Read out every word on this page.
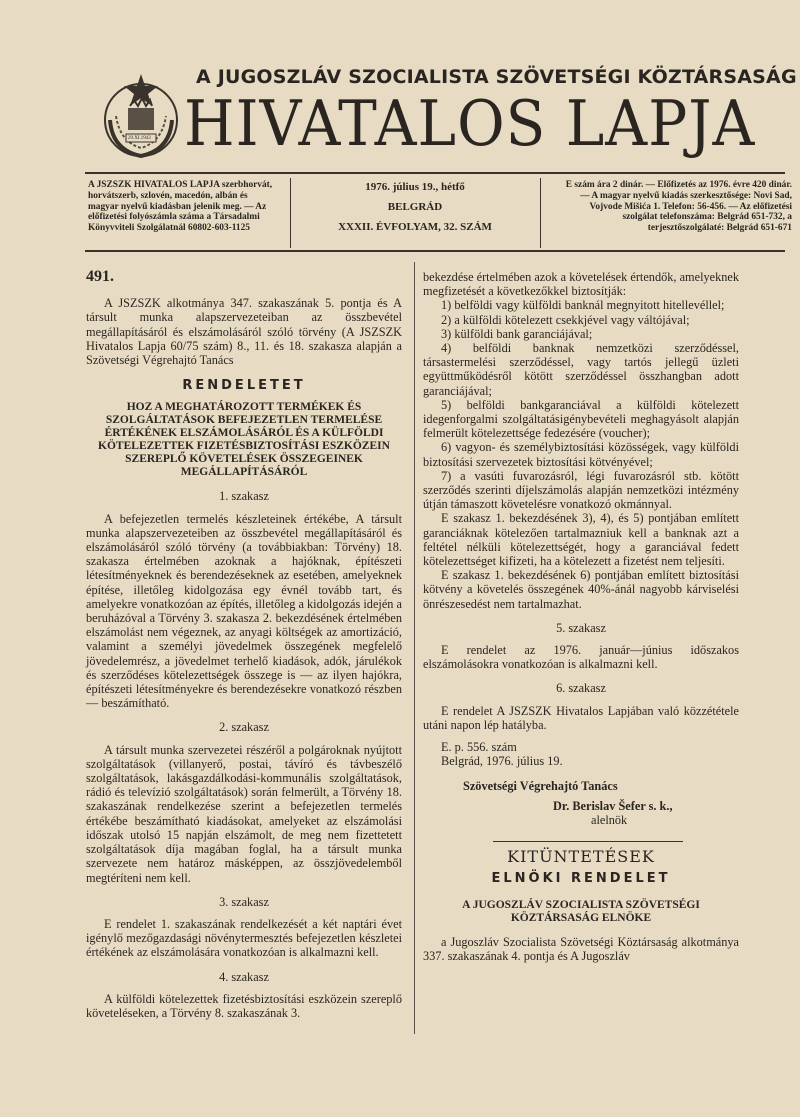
29.XI.1943
A JUGOSZLÁV SZOCIALISTA SZÖVETSÉGI KÖZTÁRSASÁG
HIVATALOS LAPJA
A JSZSZK HIVATALOS LAPJA szerbhorvát, horvátszerb, szlovén, macedón, albán és magyar nyelvű kiadásban jelenik meg. — Az előfizetési folyószámla száma a Társadalmi Könyvviteli Szolgálatnál 60802-603-1125
1976. július 19., hétfő
BELGRÁD
XXXII. ÉVFOLYAM, 32. SZÁM
E szám ára 2 dinár. — Előfizetés az 1976. évre 420 dinár. — A magyar nyelvű kiadás szerkesztősége: Novi Sad, Vojvode Mišića 1. Telefon: 56-456. — Az előfizetési szolgálat telefonszáma: Belgrád 651-732, a terjesztőszolgálaté: Belgrád 651-671

491.

A JSZSZK alkotmánya 347. szakaszának 5. pontja és A társult munka alapszervezeteiban az összbevétel megállapításáról és elszámolásáról szóló törvény (A JSZSZK Hivatalos Lapja 60/75 szám) 8., 11. és 18. szakasza alapján a Szövetségi Végrehajtó Tanács

RENDELETET

HOZ A MEGHATÁROZOTT TERMÉKEK ÉS SZOLGÁLTATÁSOK BEFEJEZETLEN TERMELÉSE ÉRTÉKÉNEK ELSZÁMOLÁSÁRÓL ÉS A KÜLFÖLDI KÖTELEZETTEK FIZETÉSBIZTOSÍTÁSI ESZKÖZEIN SZEREPLŐ KÖVETELÉSEK ÖSSZEGEINEK MEGÁLLAPÍTÁSÁRÓL

1. szakasz

A befejezetlen termelés készleteinek értékébe, A társult munka alapszervezeteiben az összbevétel megállapításáról és elszámolásáról szóló törvény (a továbbiakban: Törvény) 18. szakasza értelmében azoknak a hajóknak, építészeti létesítményeknek és berendezéseknek az esetében, amelyeknek építése, illetőleg kidolgozása egy évnél tovább tart, és amelyekre vonatkozóan az építés, illetőleg a kidolgozás idején a beruházóval a Törvény 3. szakasza 2. bekezdésének értelmében elszámolást nem végeznek, az anyagi költségek az amortizáció, valamint a személyi jövedelmek összegének megfelelő jövedelemrész, a jövedelmet terhelő kiadások, adók, járulékok és szerződéses kötelezettségek összege is — az ilyen hajókra, építészeti létesítményekre és berendezésekre vonatkozó részben — beszámítható.

2. szakasz

A társult munka szervezetei részéről a polgároknak nyújtott szolgáltatások (villanyerő, postai, távíró és távbeszélő szolgáltatások, lakásgazdálkodási-kommunális szolgáltatások, rádió és televízió szolgáltatások) során felmerült, a Törvény 18. szakaszának rendelkezése szerint a befejezetlen termelés értékébe beszámítható kiadásokat, amelyeket az elszámolási időszak utolsó 15 napján elszámolt, de meg nem fizettetett szolgáltatások díja magában foglal, ha a társult munka szervezete nem határoz másképpen, az összjövedelemből megtéríteni nem kell.

3. szakasz

E rendelet 1. szakaszának rendelkezését a két naptári évet igénylő mezőgazdasági növénytermesztés befejezetlen készletei értékének az elszámolására vonatkozóan is alkalmazni kell.

4. szakasz

A külföldi kötelezettek fizetésbiztosítási eszközein szereplő követeléseken, a Törvény 8. szakaszának 3.

bekezdése értelmében azok a követelések értendők, amelyeknek megfizetését a következőkkel biztosítják:

1) belföldi vagy külföldi banknál megnyitott hitellevéllel;

2) a külföldi kötelezett csekkjével vagy váltójával;

3) külföldi bank garanciájával;

4) belföldi banknak nemzetközi szerződéssel, társastermelési szerződéssel, vagy tartós jellegű üzleti együttműködésről kötött szerződéssel összhangban adott garanciájával;

5) belföldi bankgaranciával a külföldi kötelezett idegenforgalmi szolgáltatásigénybevételi meghagyásolt alapján felmerült kötelezettsége fedezésére (voucher);

6) vagyon- és személybiztosítási közösségek, vagy külföldi biztosítási szervezetek biztosítási kötvényével;

7) a vasúti fuvarozásról, légi fuvarozásról stb. kötött szerződés szerinti díjelszámolás alapján nemzetközi intézmény útján támaszott követelésre vonatkozó okmánnyal.

E szakasz 1. bekezdésének 3), 4), és 5) pontjában említett garanciáknak kötelezően tartalmazniuk kell a banknak azt a feltétel nélküli kötelezettségét, hogy a garanciával fedett kötelezettséget kifizeti, ha a kötelezett a fizetést nem teljesíti.

E szakasz 1. bekezdésének 6) pontjában említett biztosítási kötvény a követelés összegének 40%-ánál nagyobb kárviselési önrészesedést nem tartalmazhat.

5. szakasz

E rendelet az 1976. január—június időszakos elszámolásokra vonatkozóan is alkalmazni kell.

6. szakasz

E rendelet A JSZSZK Hivatalos Lapjában való közzététele utáni napon lép hatályba.

E. p. 556. szám

Belgrád, 1976. július 19.

Szövetségi Végrehajtó Tanács

Dr. Berislav Šefer s. k.,

alelnök

KITÜNTETÉSEK

ELNÖKI RENDELET

A JUGOSZLÁV SZOCIALISTA SZÖVETSÉGI KÖZTÁRSASÁG ELNÖKE

a Jugoszláv Szocialista Szövetségi Köztársaság alkotmánya 337. szakaszának 4. pontja és A Jugoszláv
